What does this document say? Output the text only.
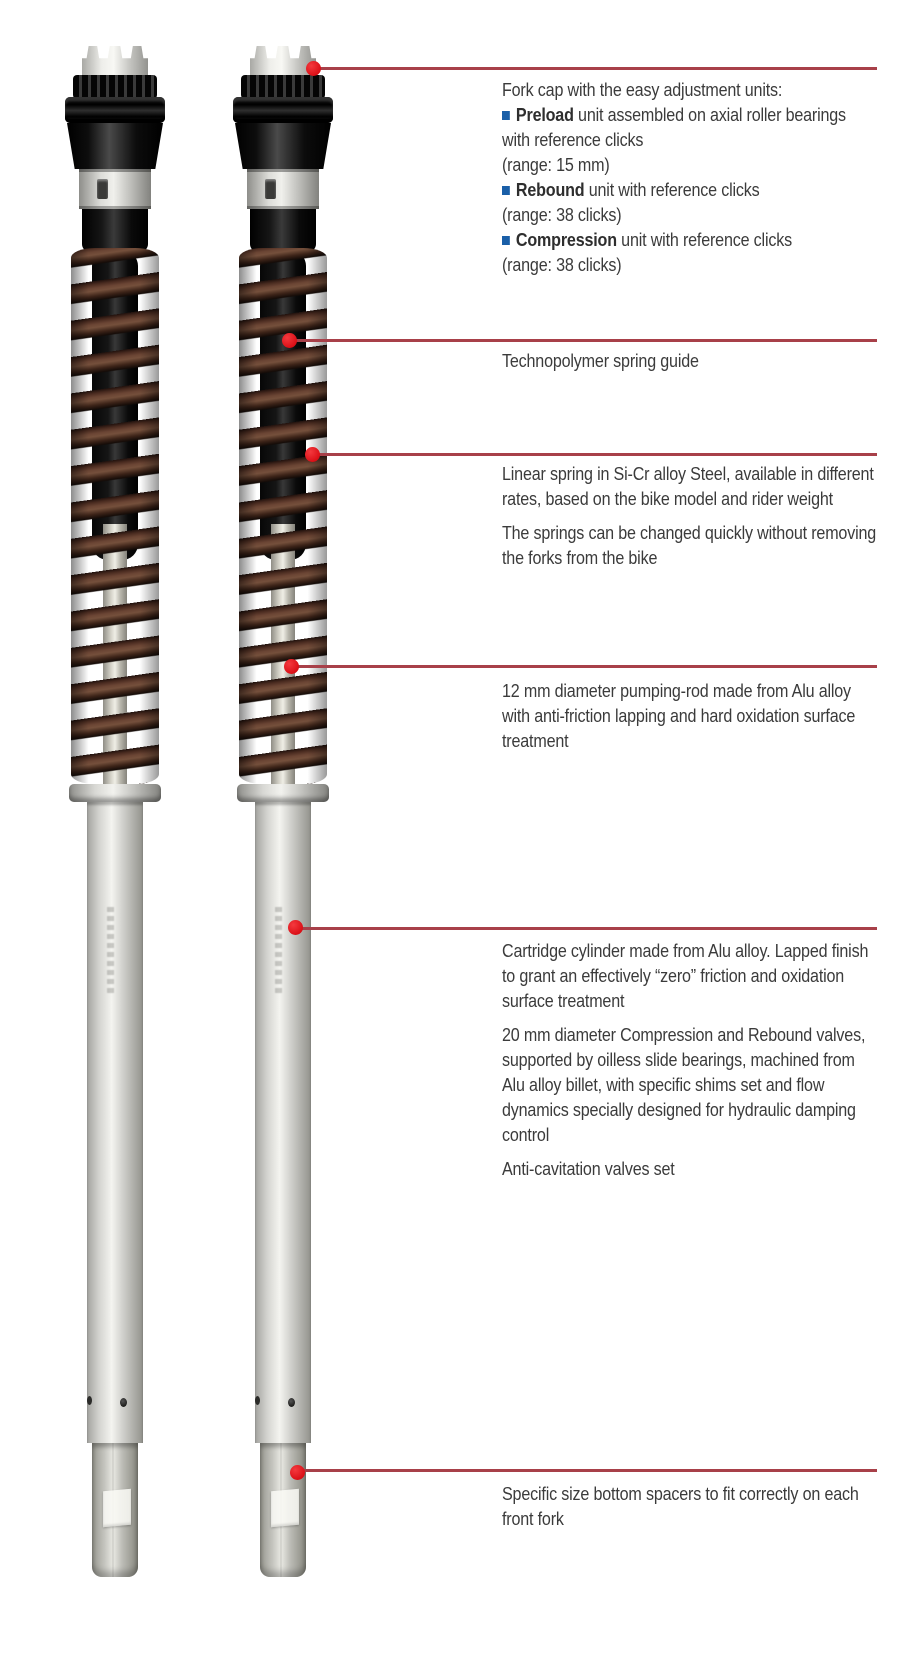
Fork cap with the easy adjustment units:

Preload unit assembled on axial roller bearings with reference clicks

(range: 15 mm)

Rebound unit with reference clicks

(range: 38 clicks)

Compression unit with reference clicks

(range: 38 clicks)

Technopolymer spring guide

Linear spring in Si-Cr alloy Steel, available in different rates, based on the bike model and rider weight

The springs can be changed quickly without removing the forks from the bike

12 mm diameter pumping-rod made from Alu alloy with anti-friction lapping and hard oxidation surface treatment

Cartridge cylinder made from Alu alloy. Lapped finish to grant an effectively “zero” friction and oxidation surface treatment

20 mm diameter Compression and Rebound valves, supported by oilless slide bearings, machined from Alu alloy billet, with specific shims set and flow dynamics specially designed for hydraulic damping control

Anti-cavitation valves set

Specific size bottom spacers to fit correctly on each front fork
